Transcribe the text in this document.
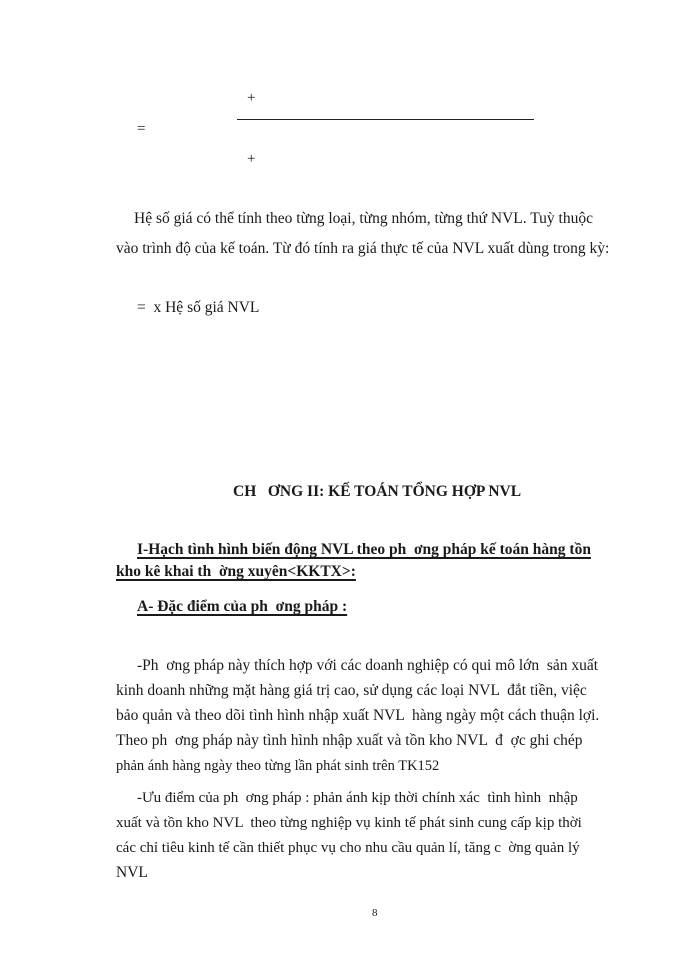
+
=
+
Hệ số giá có thể tính theo từng loại, từng nhóm, từng thứ NVL. Tuỳ thuộc
vào trình độ của kế toán. Từ đó tính ra giá thực tế của NVL xuất dùng trong kỳ:
=  x Hệ số giá NVL
CH   ƠNG II: KẾ TOÁN TỔNG HỢP NVL
I-Hạch tình hình biến động NVL theo ph  ơng pháp kế toán hàng tồn
kho kê khai th  ờng xuyên<KKTX>:
A- Đặc điểm của ph  ơng pháp :
-Ph  ơng pháp này thích hợp với các doanh nghiệp có qui mô lớn  sản xuất
kinh doanh những mặt hàng giá trị cao, sử dụng các loại NVL  đắt tiền, việc
bảo quản và theo dõi tình hình nhập xuất NVL  hàng ngày một cách thuận lợi.
Theo ph  ơng pháp này tình hình nhập xuất và tồn kho NVL  đ  ợc ghi chép
phản ánh hàng ngày theo từng lần phát sinh trên TK152
-Ưu điểm của ph  ơng pháp : phản ánh kịp thời chính xác  tình hình  nhập
xuất và tồn kho NVL  theo từng nghiệp vụ kinh tế phát sinh cung cấp kịp thời
các chỉ tiêu kinh tế cần thiết phục vụ cho nhu cầu quản lí, tăng c  ờng quản lý
NVL
8
